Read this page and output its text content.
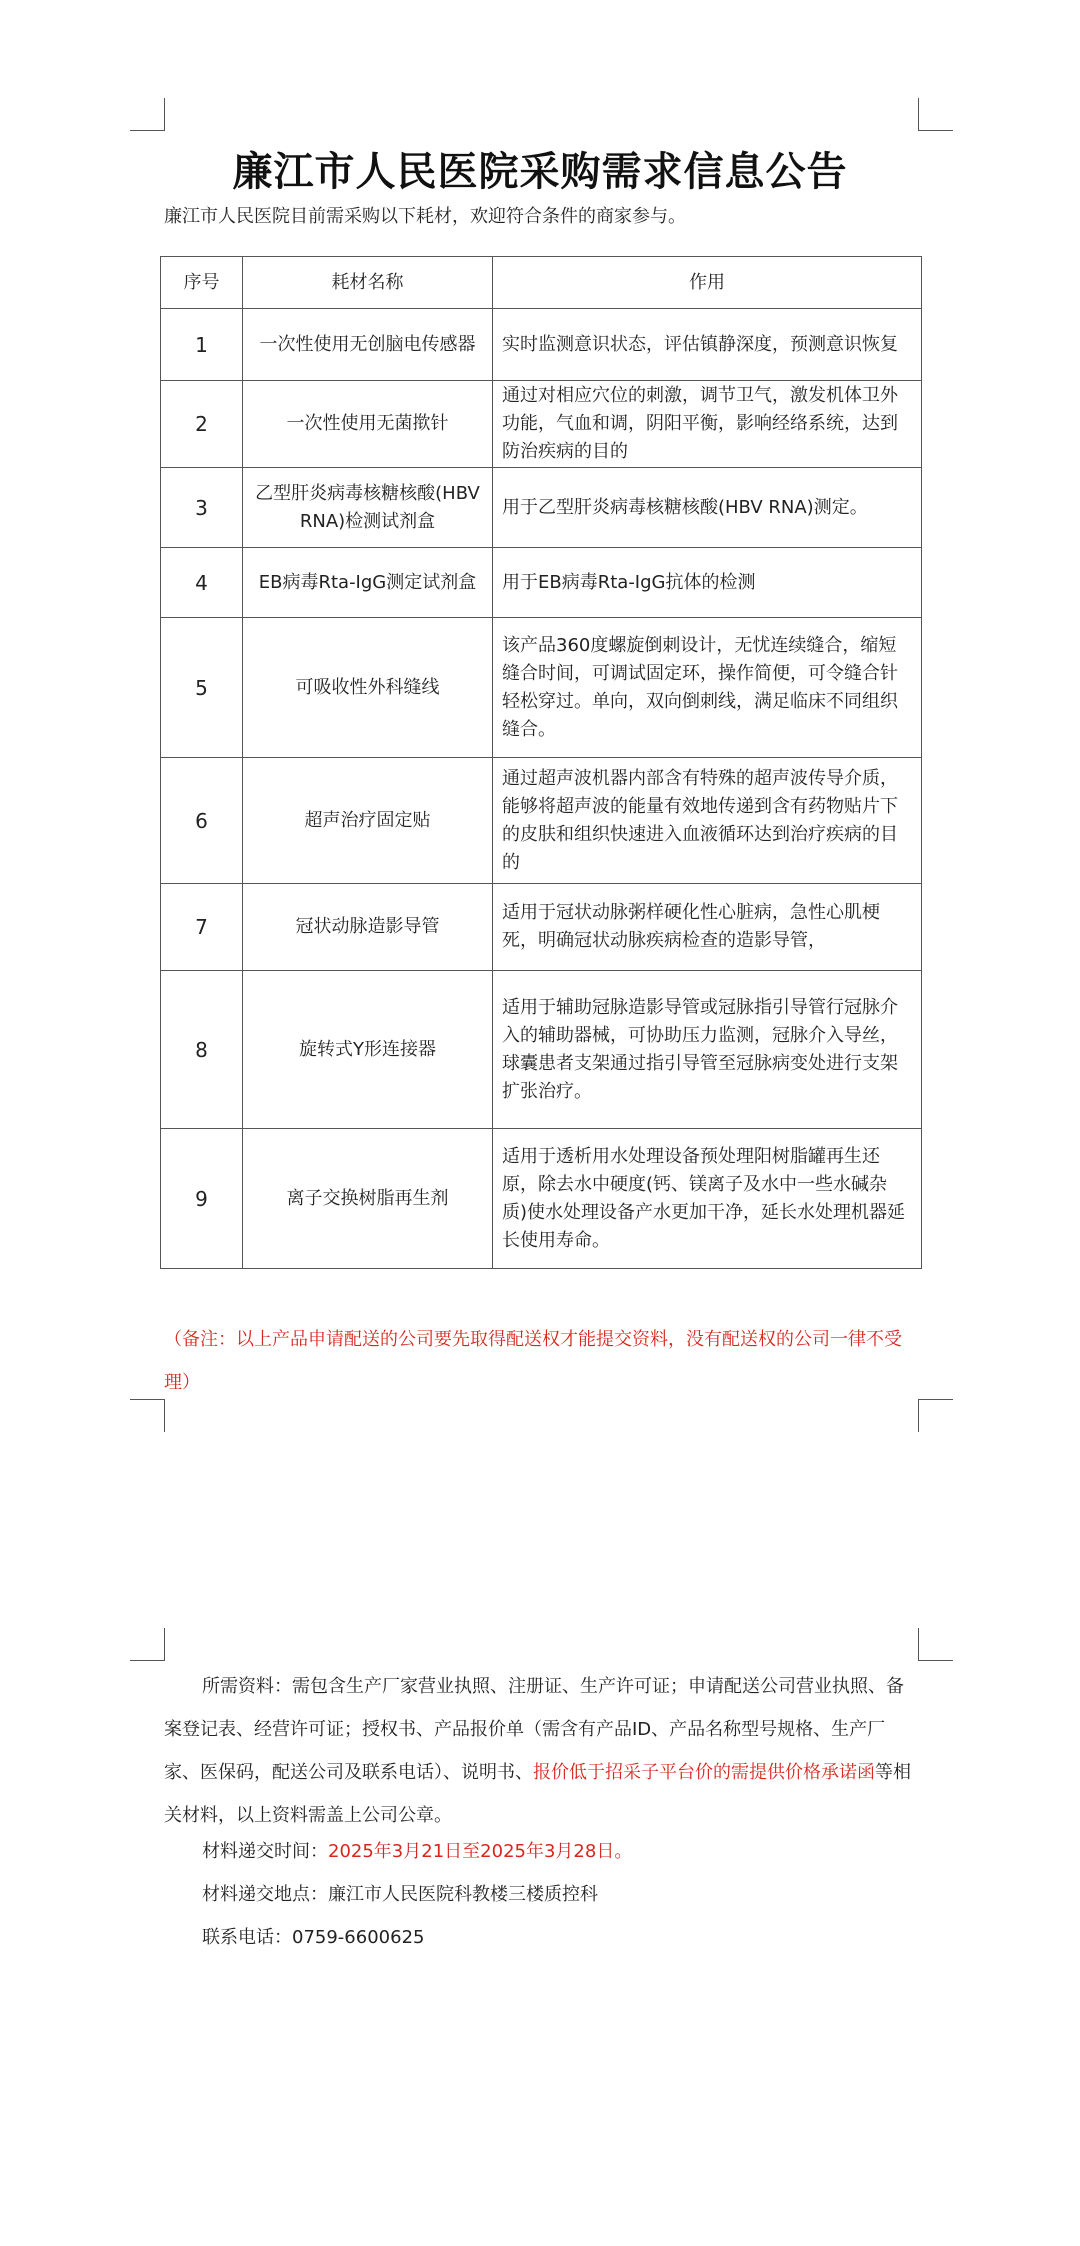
廉江市人民医院采购需求信息公告
廉江市人民医院目前需采购以下耗材，欢迎符合条件的商家参与。
序号	耗材名称	作用
1	一次性使用无创脑电传感器	实时监测意识状态，评估镇静深度，预测意识恢复
2	一次性使用无菌揿针	通过对相应穴位的刺激，调节卫气，激发机体卫外功能，气血和调，阴阳平衡，影响经络系统，达到防治疾病的目的
3	乙型肝炎病毒核糖核酸(HBV RNA)检测试剂盒	用于乙型肝炎病毒核糖核酸(HBV RNA)测定。
4	EB病毒Rta-IgG测定试剂盒	用于EB病毒Rta-IgG抗体的检测
5	可吸收性外科缝线	该产品360度螺旋倒刺设计，无忧连续缝合，缩短缝合时间，可调试固定环，操作简便，可令缝合针轻松穿过。单向，双向倒刺线，满足临床不同组织缝合。
6	超声治疗固定贴	通过超声波机器内部含有特殊的超声波传导介质，能够将超声波的能量有效地传递到含有药物贴片下的皮肤和组织快速进入血液循环达到治疗疾病的目的
7	冠状动脉造影导管	适用于冠状动脉粥样硬化性心脏病，急性心肌梗死，明确冠状动脉疾病检查的造影导管，
8	旋转式Y形连接器	适用于辅助冠脉造影导管或冠脉指引导管行冠脉介入的辅助器械，可协助压力监测，冠脉介入导丝，球囊患者支架通过指引导管至冠脉病变处进行支架扩张治疗。
9	离子交换树脂再生剂	适用于透析用水处理设备预处理阳树脂罐再生还原，除去水中硬度(钙、镁离子及水中一些水碱杂质)使水处理设备产水更加干净，延长水处理机器延长使用寿命。
（备注：以上产品申请配送的公司要先取得配送权才能提交资料，没有配送权的公司一律不受理）
所需资料：需包含生产厂家营业执照、注册证、生产许可证；申请配送公司营业执照、备案登记表、经营许可证；授权书、产品报价单（需含有产品ID、产品名称型号规格、生产厂家、医保码，配送公司及联系电话）、说明书、报价低于招采子平台价的需提供价格承诺函等相关材料，以上资料需盖上公司公章。
材料递交时间：2025年3月21日至2025年3月28日。
材料递交地点：廉江市人民医院科教楼三楼质控科
联系电话：0759-6600625
